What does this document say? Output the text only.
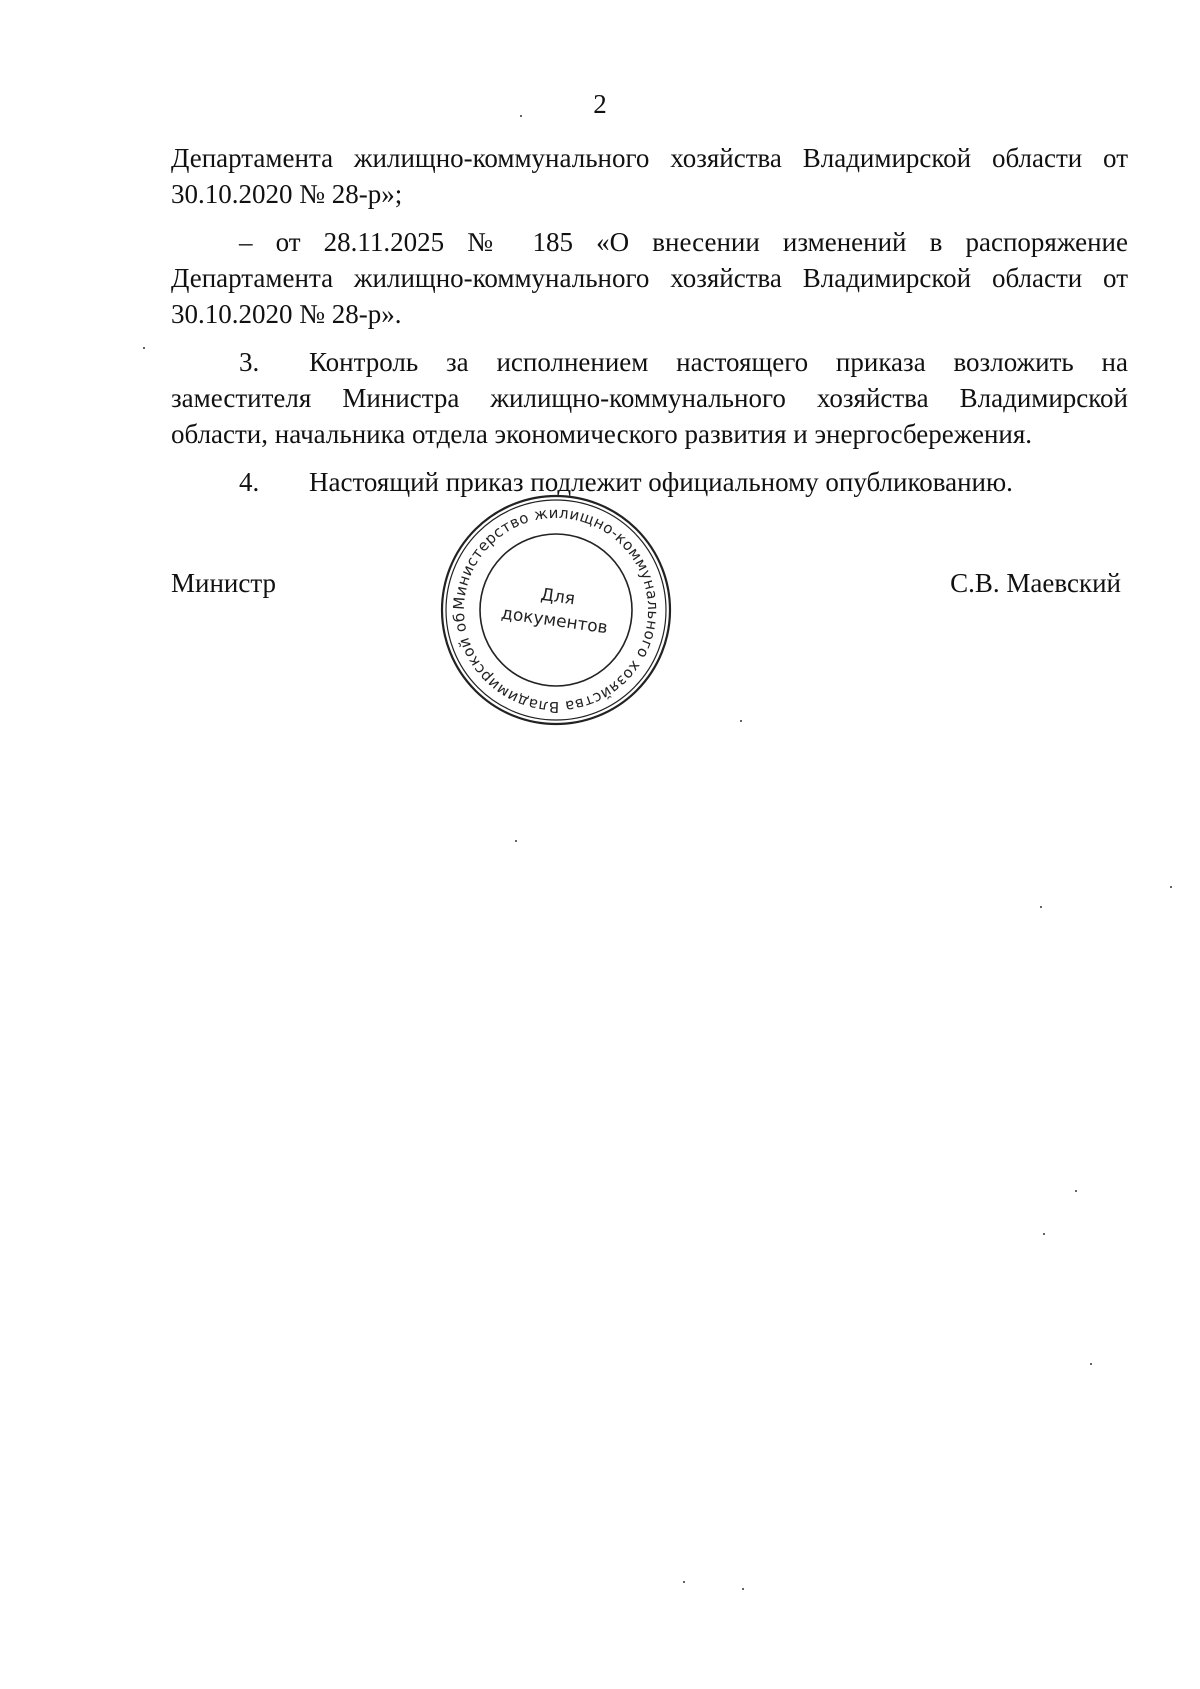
2

Департамента жилищно-коммунального хозяйства Владимирской области от 30.10.2020 № 28-р»;

– от 28.11.2025 № 185 «О внесении изменений в распоряжение Департамента жилищно-коммунального хозяйства Владимирской области от 30.10.2020 № 28-р».

3. Контроль за исполнением настоящего приказа возложить на заместителя Министра жилищно-коммунального хозяйства Владимирской области, начальника отдела экономического развития и энергосбережения.

4. Настоящий приказ подлежит официальному опубликованию.

Министр	С.В. Маевский
Министерство жилищно-коммунального хозяйства Владимирской об
Для
документов
